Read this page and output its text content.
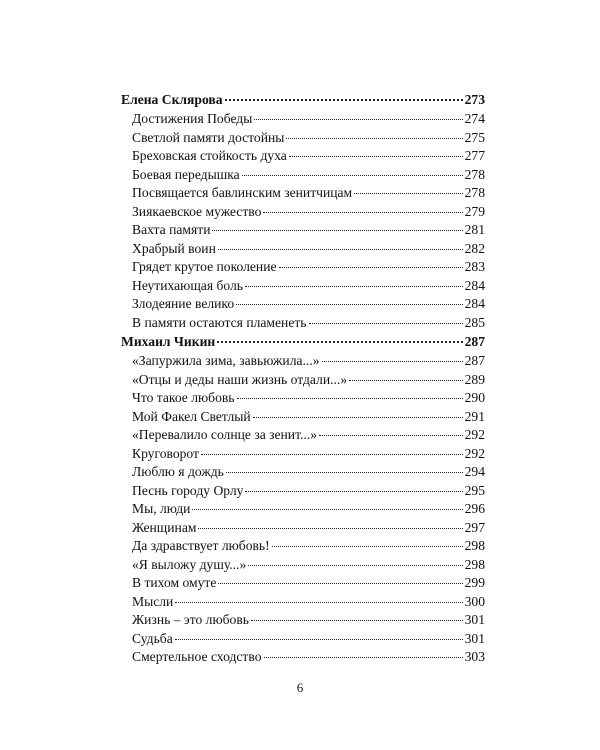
Елена Склярова	273
Достижения Победы	274
Светлой памяти достойны	275
Бреховская стойкость духа	277
Боевая передышка	278
Посвящается бавлинским зенитчицам	278
Зиякаевское мужество	279
Вахта памяти	281
Храбрый воин	282
Грядет крутое поколение	283
Неутихающая боль	284
Злодеяние велико	284
В памяти остаются пламенеть	285
Михаил Чикин	287
«Запуржила зима, завьюжила...»	287
«Отцы и деды наши жизнь отдали...»	289
Что такое любовь	290
Мой Факел Светлый	291
«Перевалило солнце за зенит...»	292
Круговорот	292
Люблю я дождь	294
Песнь городу Орлу	295
Мы, люди	296
Женщинам	297
Да здравствует любовь!	298
«Я выложу душу...»	298
В тихом омуте	299
Мысли	300
Жизнь – это любовь	301
Судьба	301
Смертельное сходство	303
6
